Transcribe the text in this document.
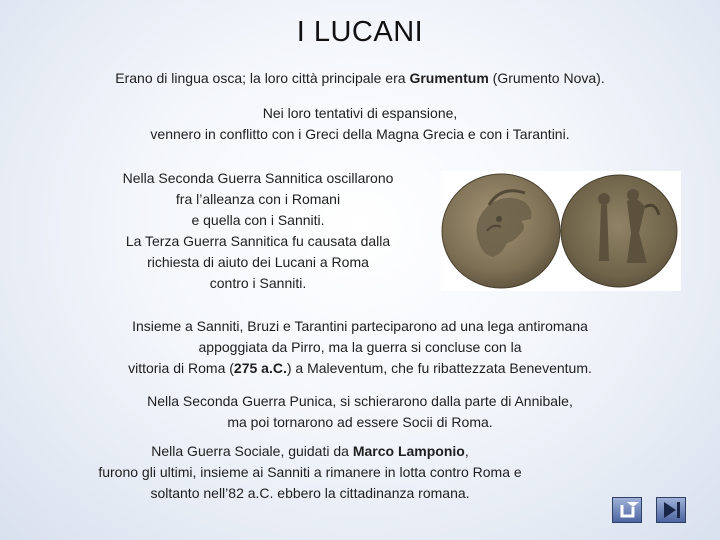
I LUCANI

Erano di lingua osca; la loro città principale era Grumentum (Grumento Nova).

Nei loro tentativi di espansione,
vennero in conflitto con i Greci della Magna Grecia e con i Tarantini.

Nella Seconda Guerra Sannitica oscillarono
fra l’alleanza con i Romani
e quella con i Sanniti.
La Terza Guerra Sannitica fu causata dalla
richiesta di aiuto dei Lucani a Roma
contro i Sanniti.

Insieme a Sanniti, Bruzi e Tarantini parteciparono ad una lega antiromana
appoggiata da Pirro, ma la guerra si concluse con la
vittoria di Roma (275 a.C.) a Maleventum, che fu ribattezzata Beneventum.

Nella Seconda Guerra Punica, si schierarono dalla parte di Annibale,
ma poi tornarono ad essere Socii di Roma.

Nella Guerra Sociale, guidati da Marco Lamponio,
furono gli ultimi, insieme ai Sanniti a rimanere in lotta contro Roma e
soltanto nell’82 a.C. ebbero la cittadinanza romana.
